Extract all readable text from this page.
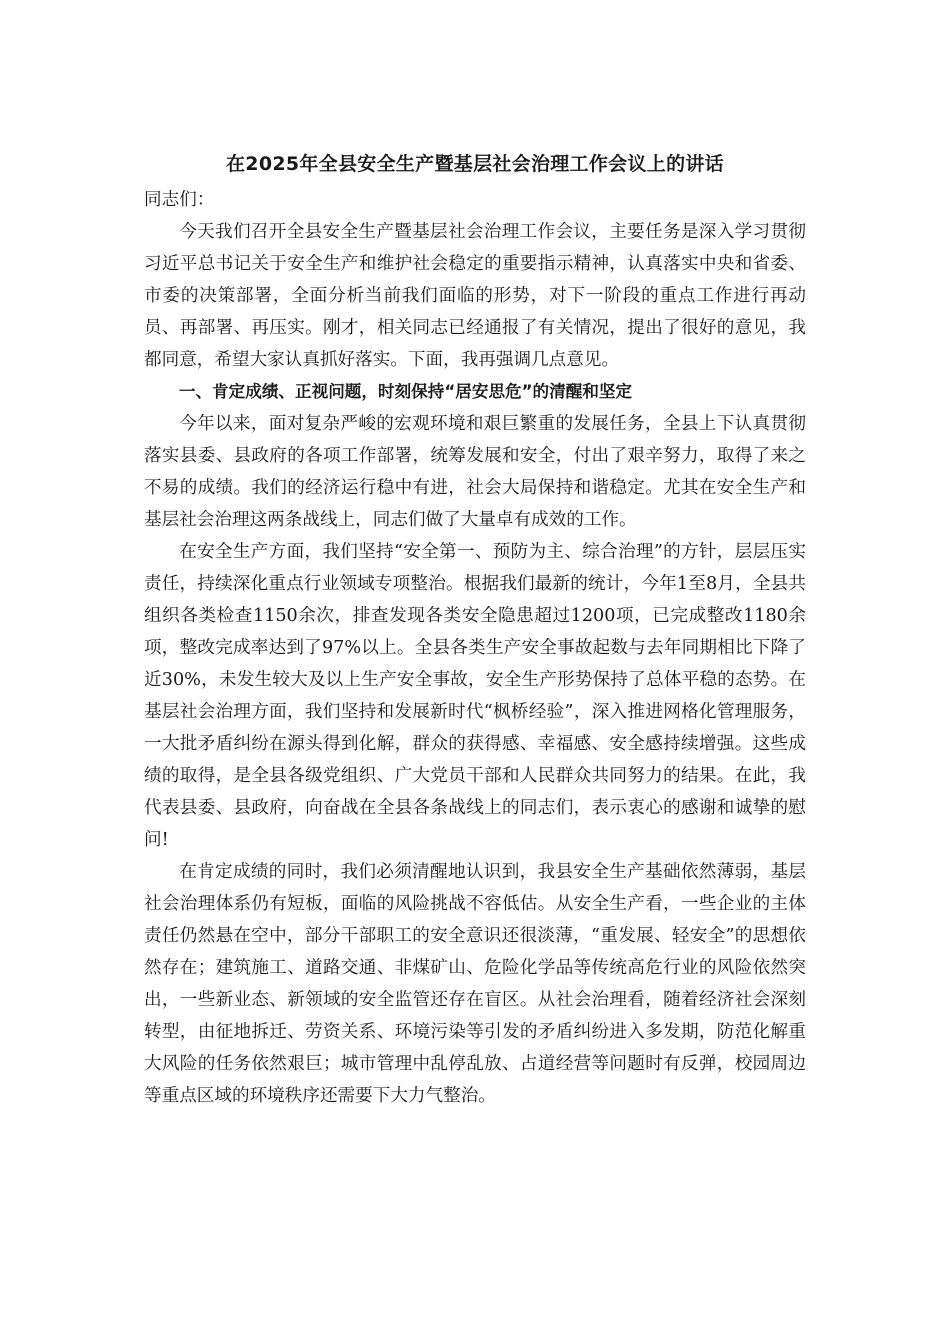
在2025年全县安全生产暨基层社会治理工作会议上的讲话

同志们：

今天我们召开全县安全生产暨基层社会治理工作会议，主要任务是深入学习贯彻习近平总书记关于安全生产和维护社会稳定的重要指示精神，认真落实中央和省委、市委的决策部署，全面分析当前我们面临的形势，对下一阶段的重点工作进行再动员、再部署、再压实。刚才，相关同志已经通报了有关情况，提出了很好的意见，我都同意，希望大家认真抓好落实。下面，我再强调几点意见。

一、肯定成绩、正视问题，时刻保持“居安思危”的清醒和坚定

今年以来，面对复杂严峻的宏观环境和艰巨繁重的发展任务，全县上下认真贯彻落实县委、县政府的各项工作部署，统筹发展和安全，付出了艰辛努力，取得了来之不易的成绩。我们的经济运行稳中有进，社会大局保持和谐稳定。尤其在安全生产和基层社会治理这两条战线上，同志们做了大量卓有成效的工作。

在安全生产方面，我们坚持“安全第一、预防为主、综合治理”的方针，层层压实责任，持续深化重点行业领域专项整治。根据我们最新的统计，今年1至8月，全县共组织各类检查1150余次，排查发现各类安全隐患超过1200项，已完成整改1180余项，整改完成率达到了97%以上。全县各类生产安全事故起数与去年同期相比下降了近30%，未发生较大及以上生产安全事故，安全生产形势保持了总体平稳的态势。在基层社会治理方面，我们坚持和发展新时代“枫桥经验”，深入推进网格化管理服务，一大批矛盾纠纷在源头得到化解，群众的获得感、幸福感、安全感持续增强。这些成绩的取得，是全县各级党组织、广大党员干部和人民群众共同努力的结果。在此，我代表县委、县政府，向奋战在全县各条战线上的同志们，表示衷心的感谢和诚挚的慰问!

在肯定成绩的同时，我们必须清醒地认识到，我县安全生产基础依然薄弱，基层社会治理体系仍有短板，面临的风险挑战不容低估。从安全生产看，一些企业的主体责任仍然悬在空中，部分干部职工的安全意识还很淡薄，“重发展、轻安全”的思想依然存在；建筑施工、道路交通、非煤矿山、危险化学品等传统高危行业的风险依然突出，一些新业态、新领域的安全监管还存在盲区。从社会治理看，随着经济社会深刻转型，由征地拆迁、劳资关系、环境污染等引发的矛盾纠纷进入多发期，防范化解重大风险的任务依然艰巨；城市管理中乱停乱放、占道经营等问题时有反弹，校园周边等重点区域的环境秩序还需要下大力气整治。
